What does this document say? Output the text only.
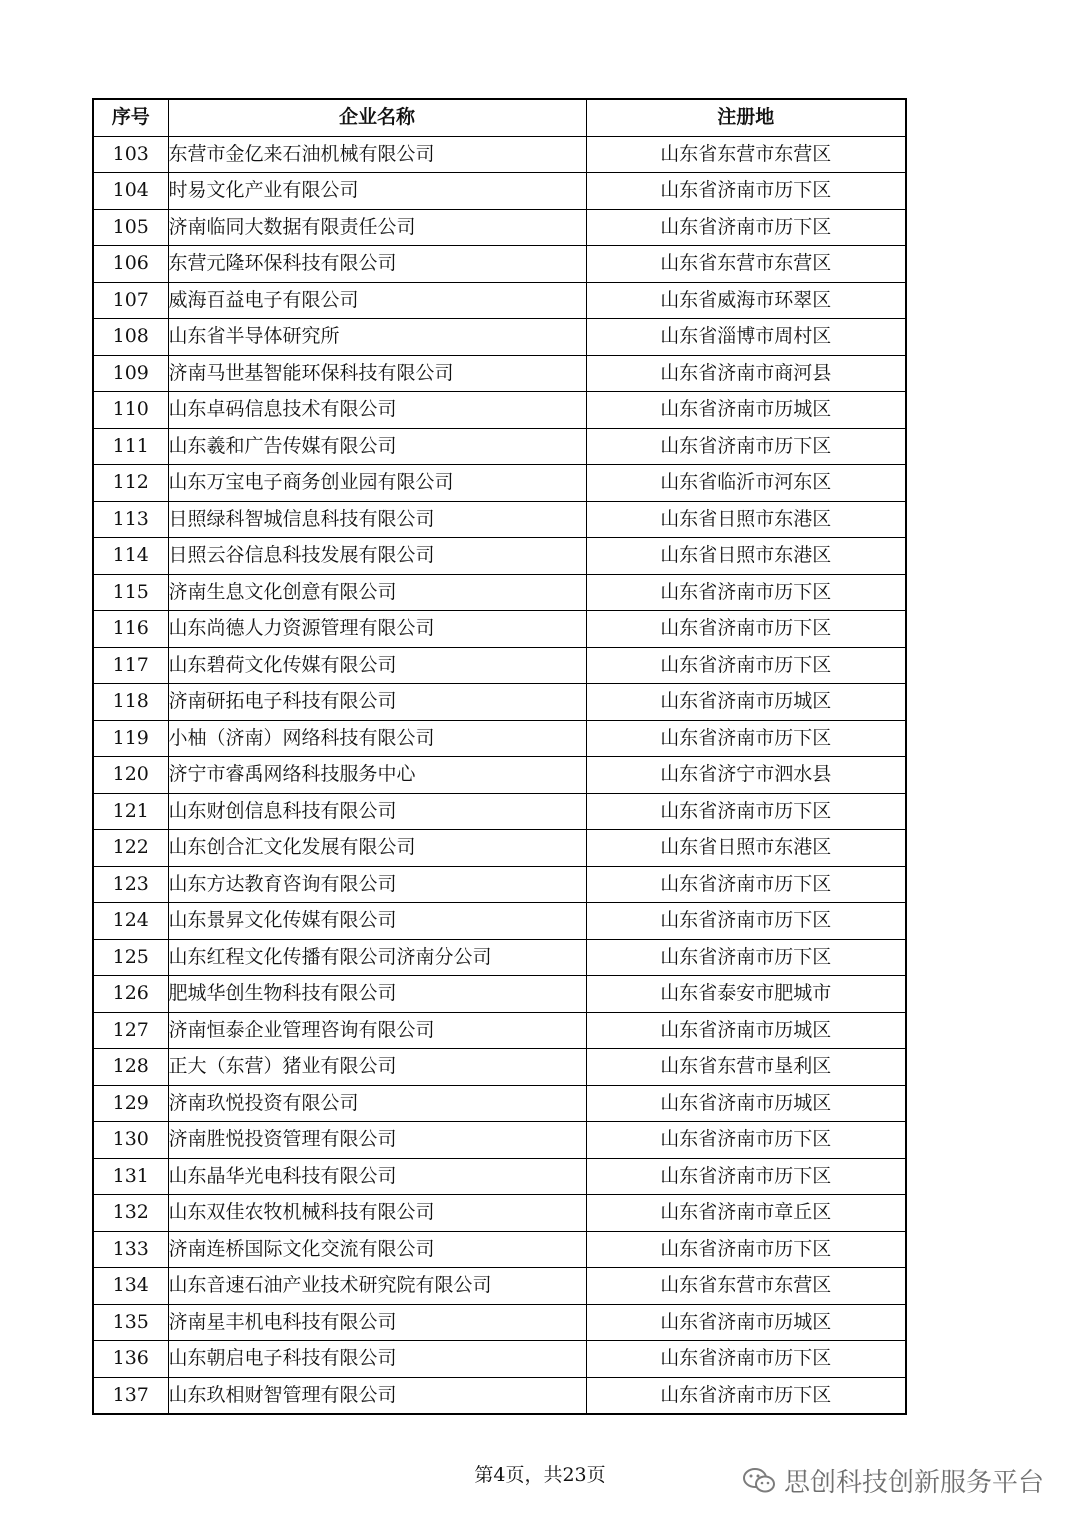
序号	企业名称	注册地
103	东营市金亿来石油机械有限公司	山东省东营市东营区
104	时易文化产业有限公司	山东省济南市历下区
105	济南临同大数据有限责任公司	山东省济南市历下区
106	东营元隆环保科技有限公司	山东省东营市东营区
107	威海百益电子有限公司	山东省威海市环翠区
108	山东省半导体研究所	山东省淄博市周村区
109	济南马世基智能环保科技有限公司	山东省济南市商河县
110	山东卓码信息技术有限公司	山东省济南市历城区
111	山东羲和广告传媒有限公司	山东省济南市历下区
112	山东万宝电子商务创业园有限公司	山东省临沂市河东区
113	日照绿科智城信息科技有限公司	山东省日照市东港区
114	日照云谷信息科技发展有限公司	山东省日照市东港区
115	济南生息文化创意有限公司	山东省济南市历下区
116	山东尚德人力资源管理有限公司	山东省济南市历下区
117	山东碧荷文化传媒有限公司	山东省济南市历下区
118	济南研拓电子科技有限公司	山东省济南市历城区
119	小柚（济南）网络科技有限公司	山东省济南市历下区
120	济宁市睿禹网络科技服务中心	山东省济宁市泗水县
121	山东财创信息科技有限公司	山东省济南市历下区
122	山东创合汇文化发展有限公司	山东省日照市东港区
123	山东方达教育咨询有限公司	山东省济南市历下区
124	山东景昇文化传媒有限公司	山东省济南市历下区
125	山东红程文化传播有限公司济南分公司	山东省济南市历下区
126	肥城华创生物科技有限公司	山东省泰安市肥城市
127	济南恒泰企业管理咨询有限公司	山东省济南市历城区
128	正大（东营）猪业有限公司	山东省东营市垦利区
129	济南玖悦投资有限公司	山东省济南市历城区
130	济南胜悦投资管理有限公司	山东省济南市历下区
131	山东晶华光电科技有限公司	山东省济南市历下区
132	山东双佳农牧机械科技有限公司	山东省济南市章丘区
133	济南连桥国际文化交流有限公司	山东省济南市历下区
134	山东音速石油产业技术研究院有限公司	山东省东营市东营区
135	济南星丰机电科技有限公司	山东省济南市历城区
136	山东朝启电子科技有限公司	山东省济南市历下区
137	山东玖相财智管理有限公司	山东省济南市历下区
第4页，共23页	思创科技创新服务平台
